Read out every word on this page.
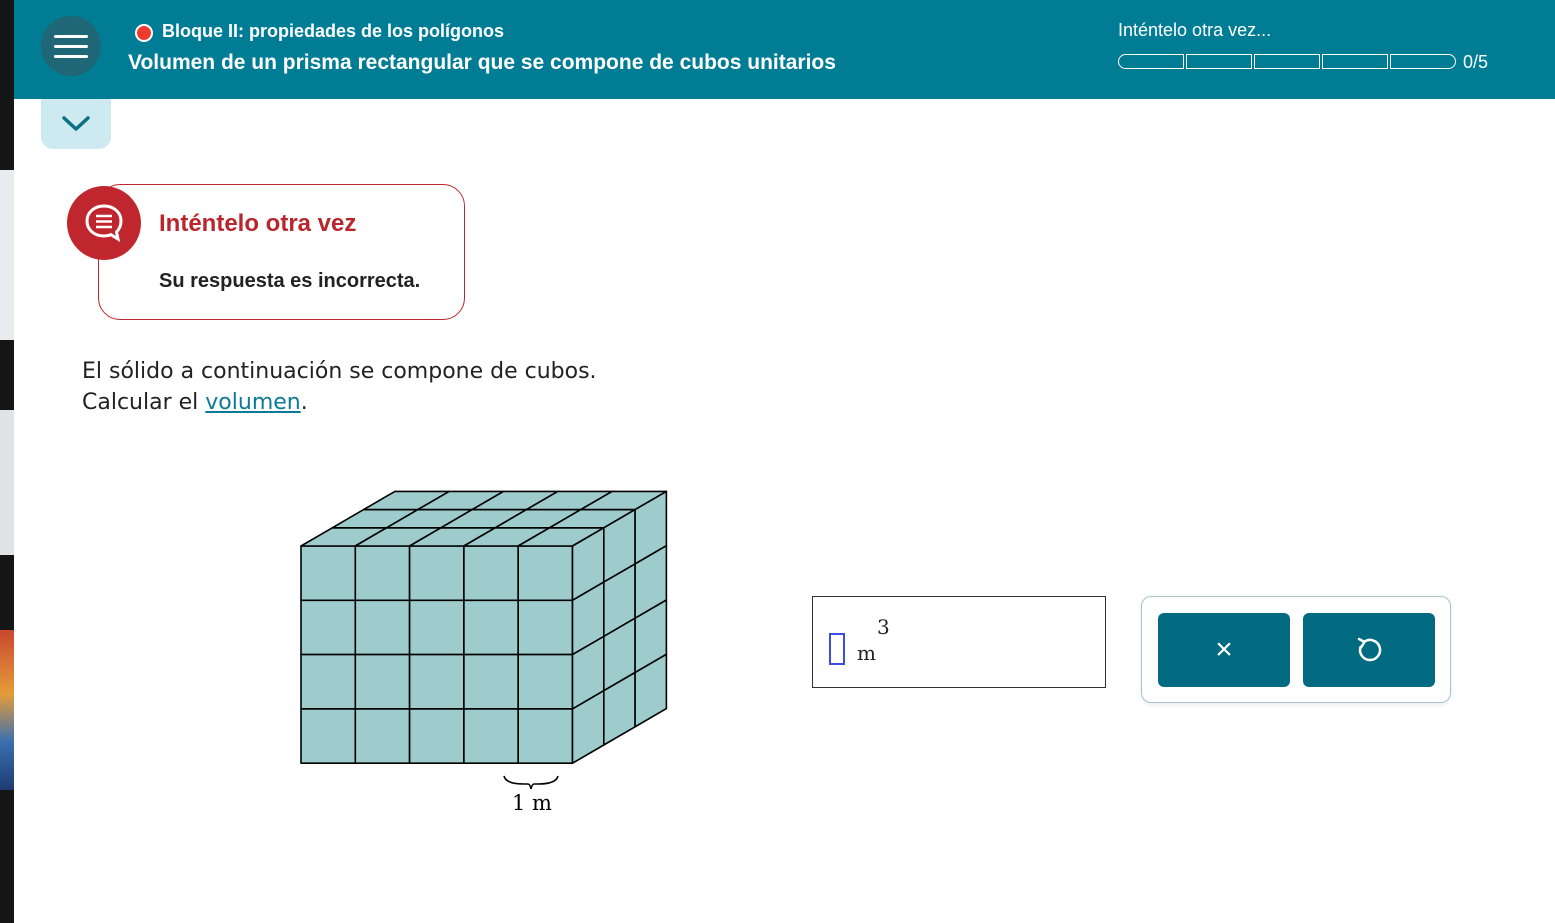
Bloque II: propiedades de los polígonos
Volumen de un prisma rectangular que se compone de cubos unitarios
Inténtelo otra vez...
0/5
Inténtelo otra vez
Su respuesta es incorrecta.
El sólido a continuación se compone de cubos.
Calcular el volumen.
1 m
m
3
×
